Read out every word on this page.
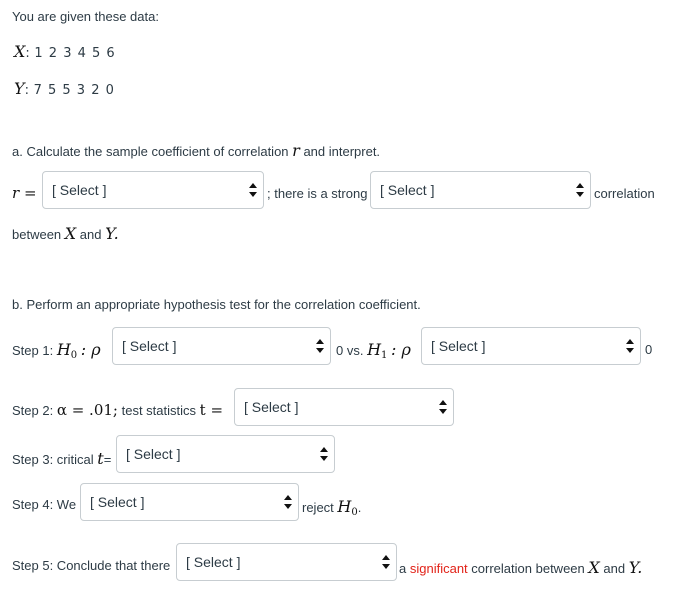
You are given these data:
X: 1 2 3 4 5 6
Y: 7 5 5 3 2 0
a. Calculate the sample coefficient of correlation r and interpret.
r =	[ Select ]	; there is a strong [ Select ]	correlation
between X and Y.
b. Perform an appropriate hypothesis test for the correlation coefficient.
Step 1: $H_0$ : ρ	[ Select ]	0 vs. $H_1$ : ρ	[ Select ]	0
Step 2: α = .01; test statistics t =	[ Select ]
Step 3: critical t=	[ Select ]
Step 4: We [ Select ]	reject $H_0$.
Step 5: Conclude that there	[ Select ]	a significant correlation between X and Y.
